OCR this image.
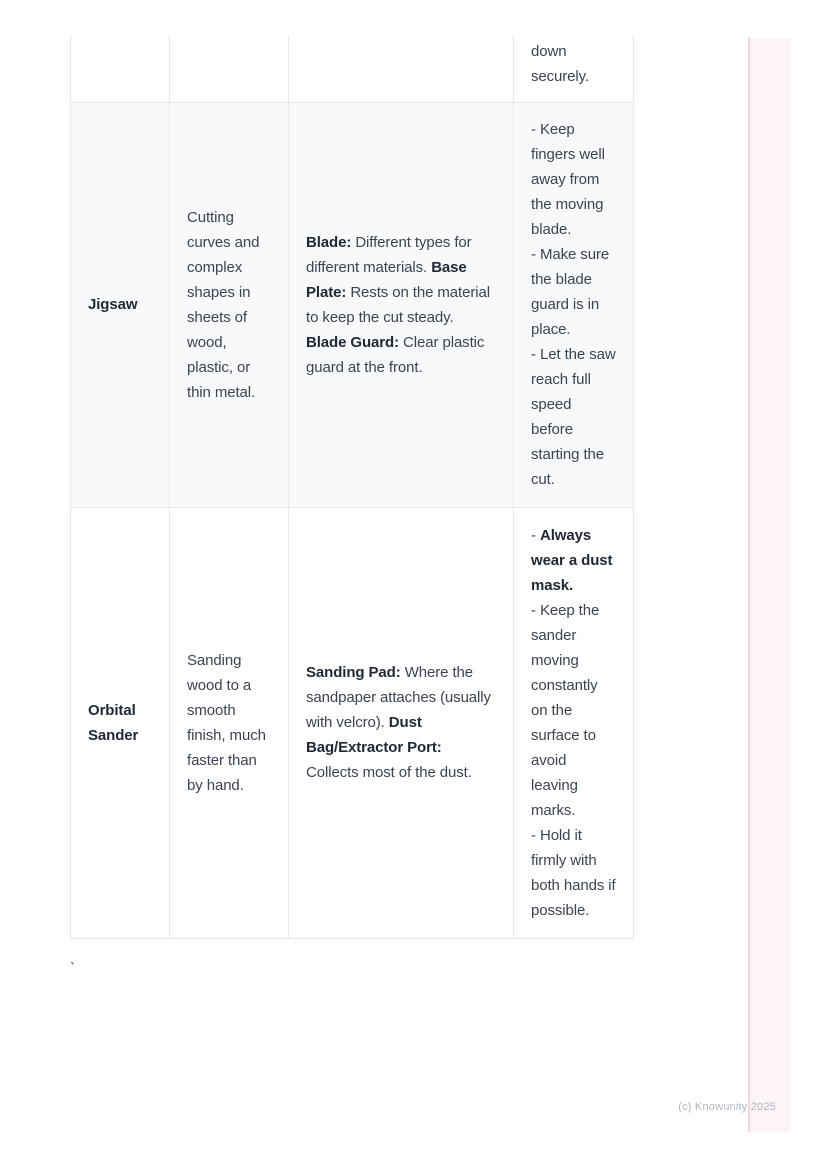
			down securely.

Jigsaw	Cutting curves and complex shapes in sheets of wood, plastic, or thin metal.	Blade: Different types for different materials. Base Plate: Rests on the material to keep the cut steady. Blade Guard: Clear plastic guard at the front.	- Keep fingers well away from the moving blade.
- Make sure the blade guard is in place.
- Let the saw reach full speed before starting the cut.

Orbital Sander	Sanding wood to a smooth finish, much faster than by hand.	Sanding Pad: Where the sandpaper attaches (usually with velcro). Dust Bag/Extractor Port: Collects most of the dust.	- Always wear a dust mask.
- Keep the sander moving constantly on the surface to avoid leaving marks.
- Hold it firmly with both hands if possible.
`
(c) Knowunity 2025
